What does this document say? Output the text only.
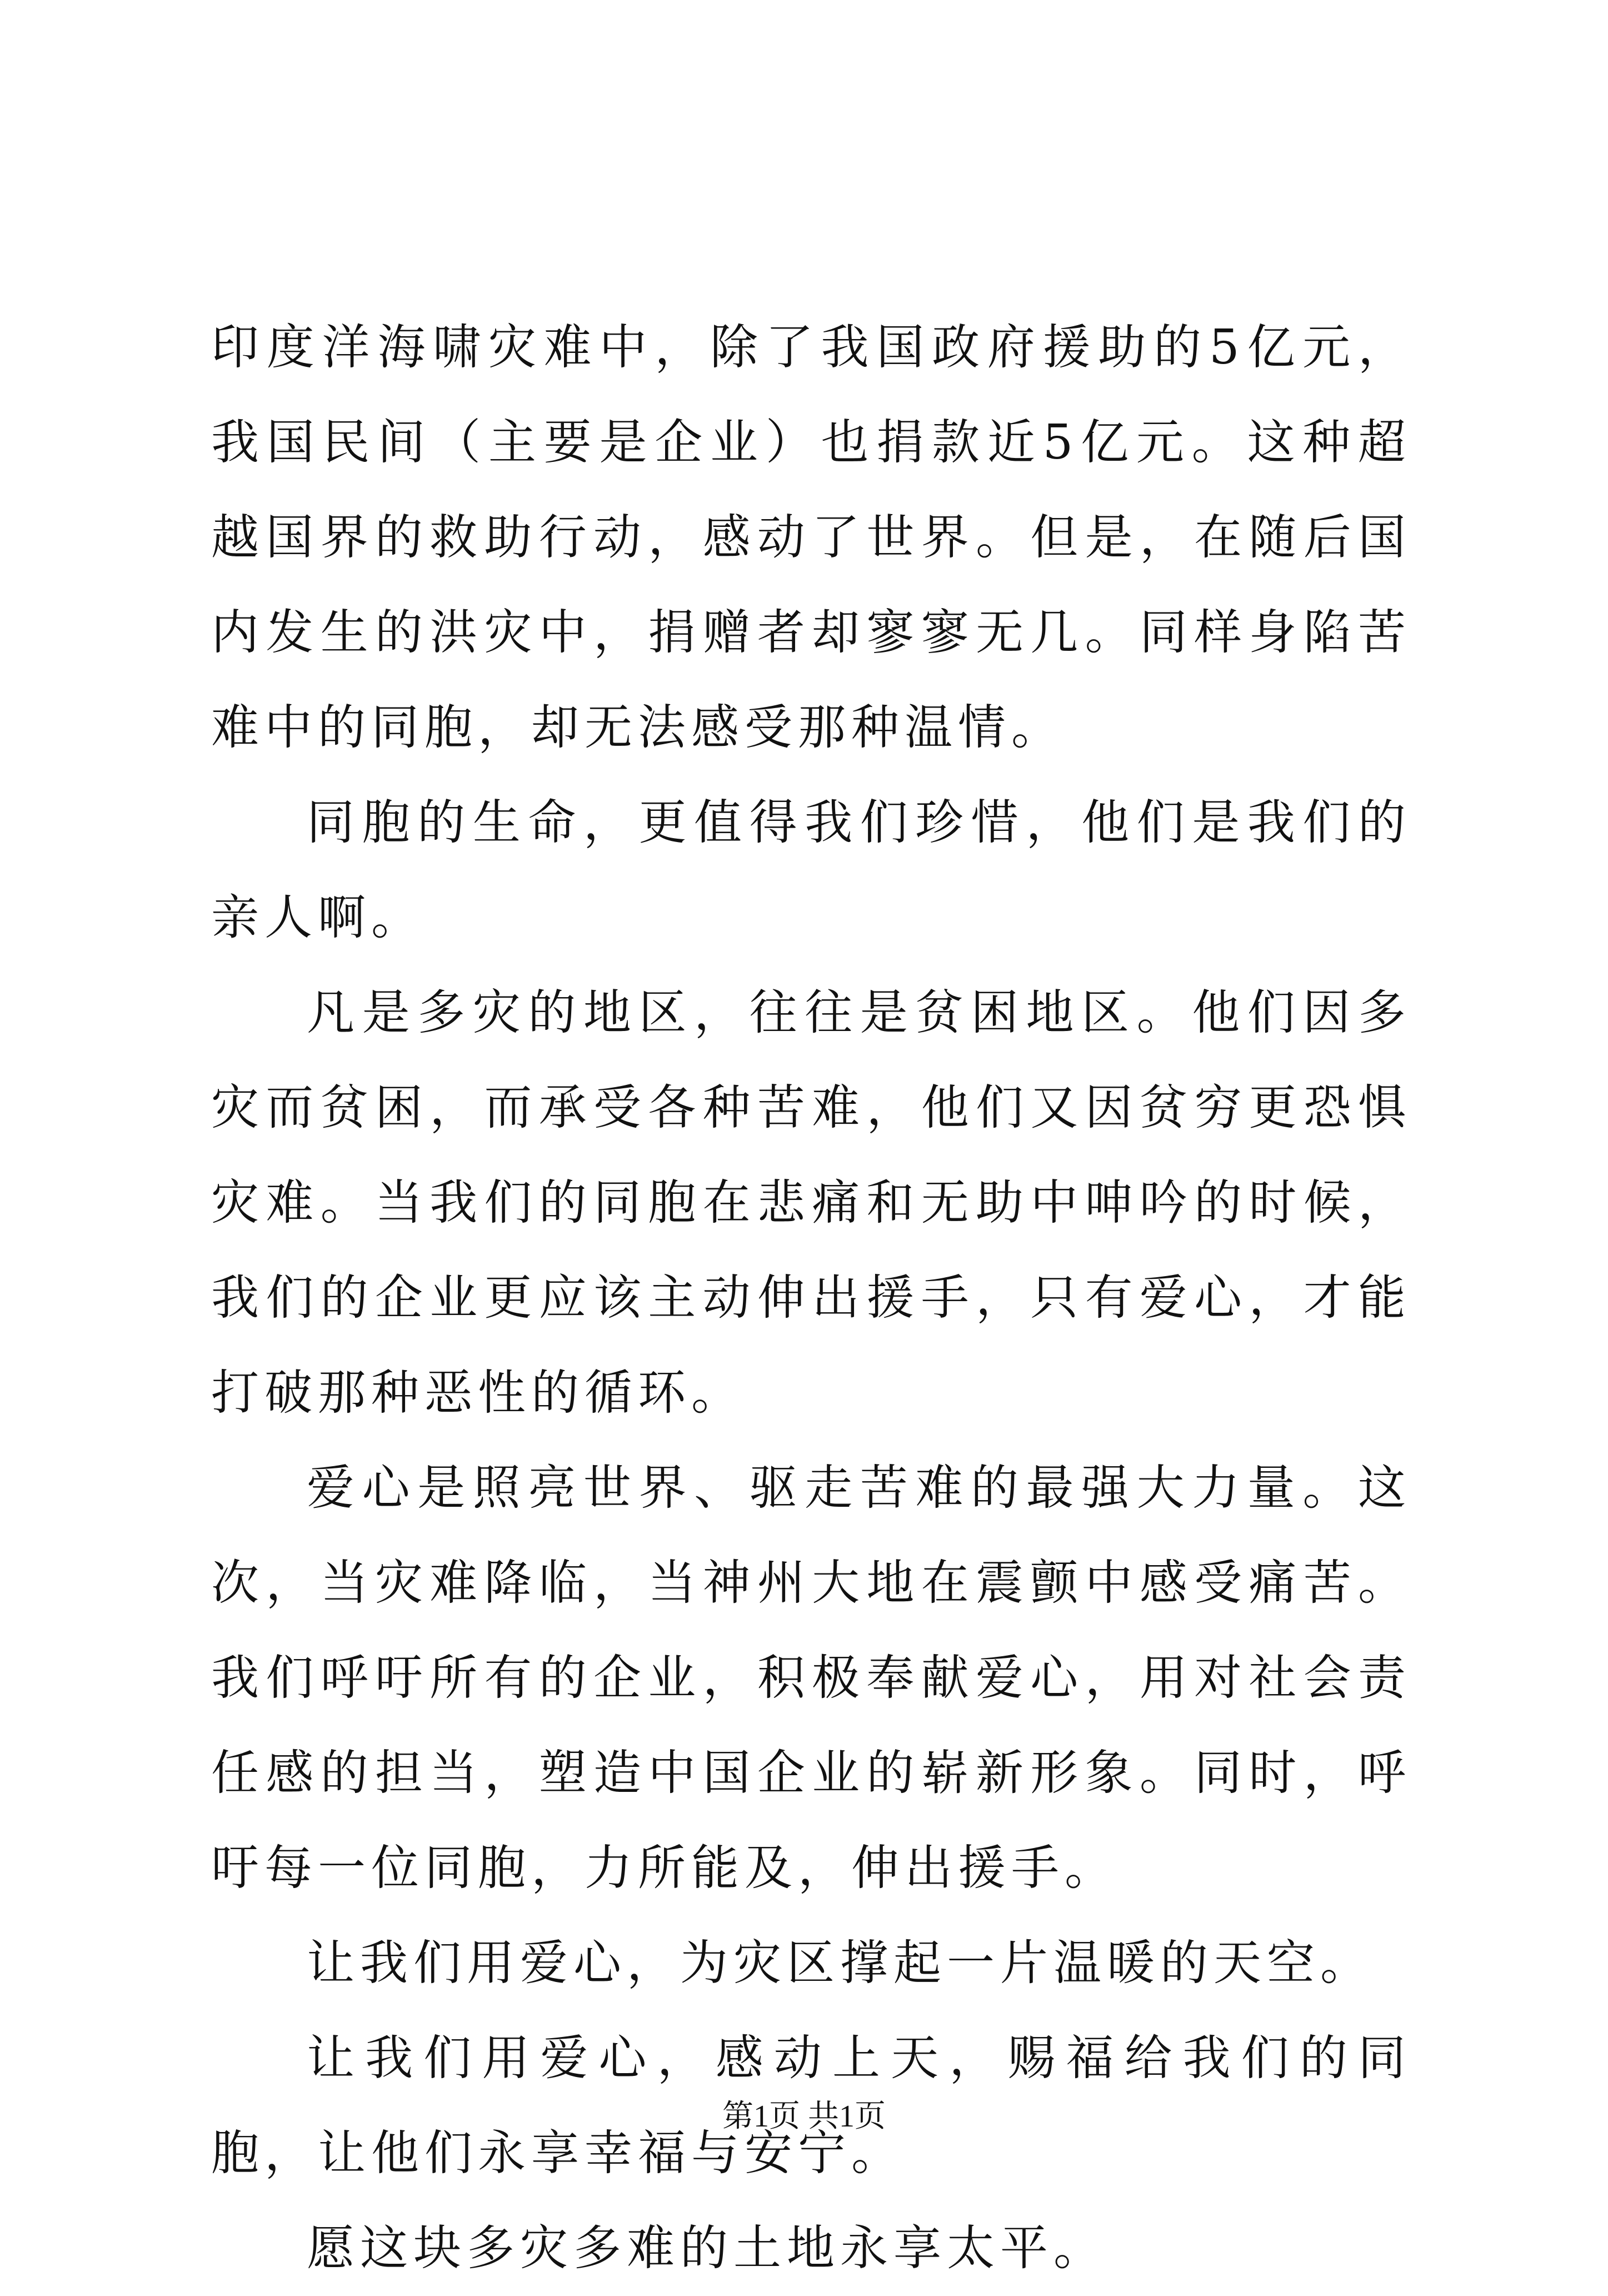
印度洋海啸灾难中，除了我国政府援助的5亿元，我国民间（主要是企业）也捐款近5亿元。这种超越国界的救助行动，感动了世界。但是，在随后国内发生的洪灾中，捐赠者却寥寥无几。同样身陷苦难中的同胞，却无法感受那种温情。

同胞的生命，更值得我们珍惜，他们是我们的亲人啊。

凡是多灾的地区，往往是贫困地区。他们因多灾而贫困，而承受各种苦难，他们又因贫穷更恐惧灾难。当我们的同胞在悲痛和无助中呻吟的时候，我们的企业更应该主动伸出援手，只有爱心，才能打破那种恶性的循环。

爱心是照亮世界、驱走苦难的最强大力量。这次，当灾难降临，当神州大地在震颤中感受痛苦。我们呼吁所有的企业，积极奉献爱心，用对社会责任感的担当，塑造中国企业的崭新形象。同时，呼吁每一位同胞，力所能及，伸出援手。

让我们用爱心，为灾区撑起一片温暖的天空。

让我们用爱心，感动上天，赐福给我们的同胞，让他们永享幸福与安宁。

愿这块多灾多难的土地永享太平。

第1页 共1页
